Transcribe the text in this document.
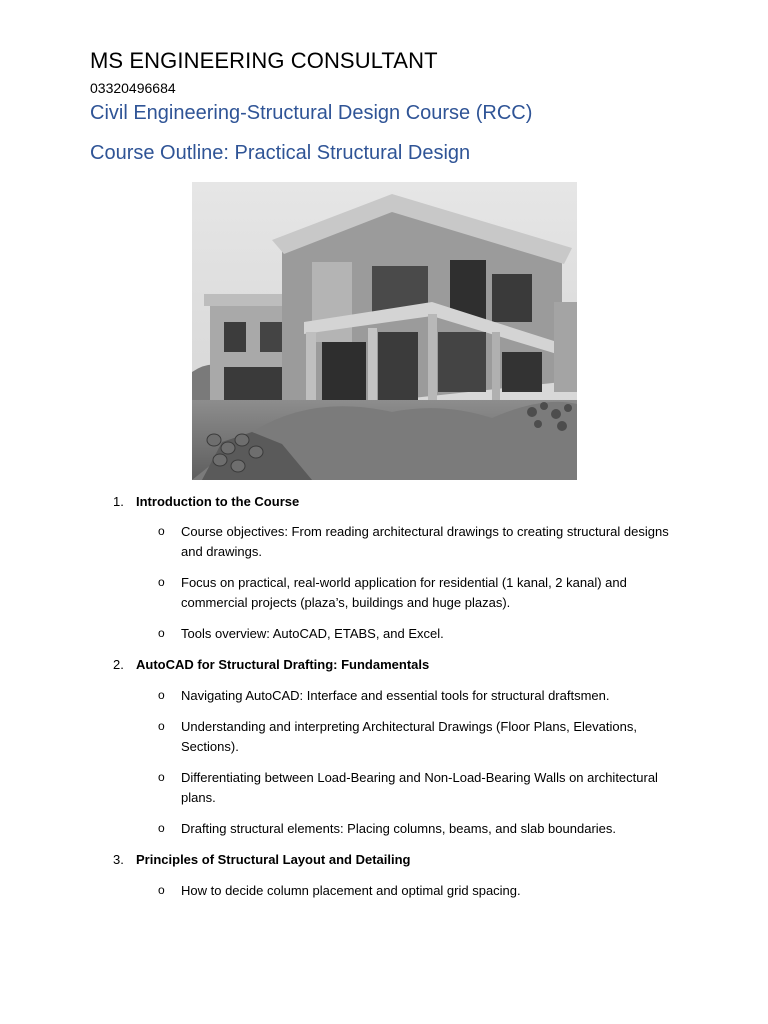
MS ENGINEERING CONSULTANT
03320496684
Civil Engineering-Structural Design Course (RCC)
Course Outline: Practical Structural Design
1. Introduction to the Course
o Course objectives: From reading architectural drawings to creating structural designs and drawings.
o Focus on practical, real-world application for residential (1 kanal, 2 kanal) and commercial projects (plaza’s, buildings and huge plazas).
o Tools overview: AutoCAD, ETABS, and Excel.
2. AutoCAD for Structural Drafting: Fundamentals
o Navigating AutoCAD: Interface and essential tools for structural draftsmen.
o Understanding and interpreting Architectural Drawings (Floor Plans, Elevations, Sections).
o Differentiating between Load-Bearing and Non-Load-Bearing Walls on architectural plans.
o Drafting structural elements: Placing columns, beams, and slab boundaries.
3. Principles of Structural Layout and Detailing
o How to decide column placement and optimal grid spacing.
